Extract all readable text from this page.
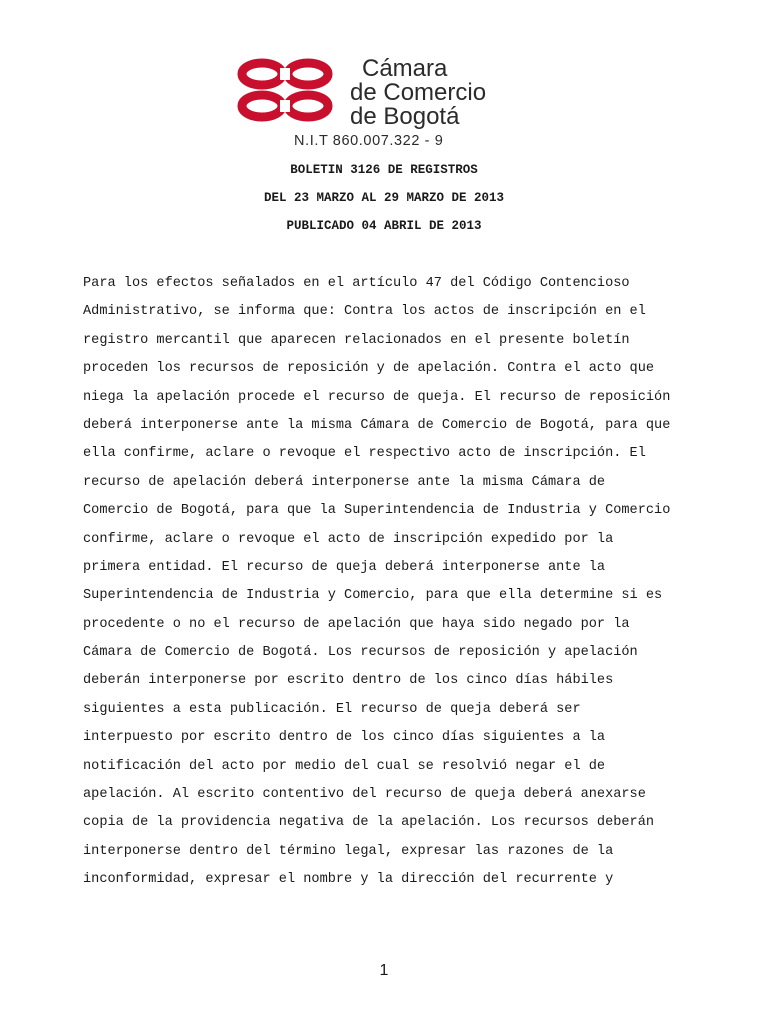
Cámara
de Comercio
de Bogotá
N.I.T 860.007.322 - 9
BOLETIN 3126 DE REGISTROS
DEL 23 MARZO AL 29 MARZO DE 2013
PUBLICADO 04 ABRIL DE 2013
Para los efectos señalados en el artículo 47 del Código Contencioso
Administrativo, se informa que: Contra los actos de inscripción en el
registro mercantil que aparecen relacionados en el presente boletín
proceden los recursos de reposición y de apelación. Contra el acto que
niega la apelación procede el recurso de queja. El recurso de reposición
deberá interponerse ante la misma Cámara de Comercio de Bogotá, para que
ella confirme, aclare o revoque el respectivo acto de inscripción. El
recurso de apelación deberá interponerse ante la misma Cámara de
Comercio de Bogotá, para que la Superintendencia de Industria y Comercio
confirme, aclare o revoque el acto de inscripción expedido por la
primera entidad. El recurso de queja deberá interponerse ante la
Superintendencia de Industria y Comercio, para que ella determine si es
procedente o no el recurso de apelación que haya sido negado por la
Cámara de Comercio de Bogotá. Los recursos de reposición y apelación
deberán interponerse por escrito dentro de los cinco días hábiles
siguientes a esta publicación. El recurso de queja deberá ser
interpuesto por escrito dentro de los cinco días siguientes a la
notificación del acto por medio del cual se resolvió negar el de
apelación. Al escrito contentivo del recurso de queja deberá anexarse
copia de la providencia negativa de la apelación. Los recursos deberán
interponerse dentro del término legal, expresar las razones de la
inconformidad, expresar el nombre y la dirección del recurrente y
1
